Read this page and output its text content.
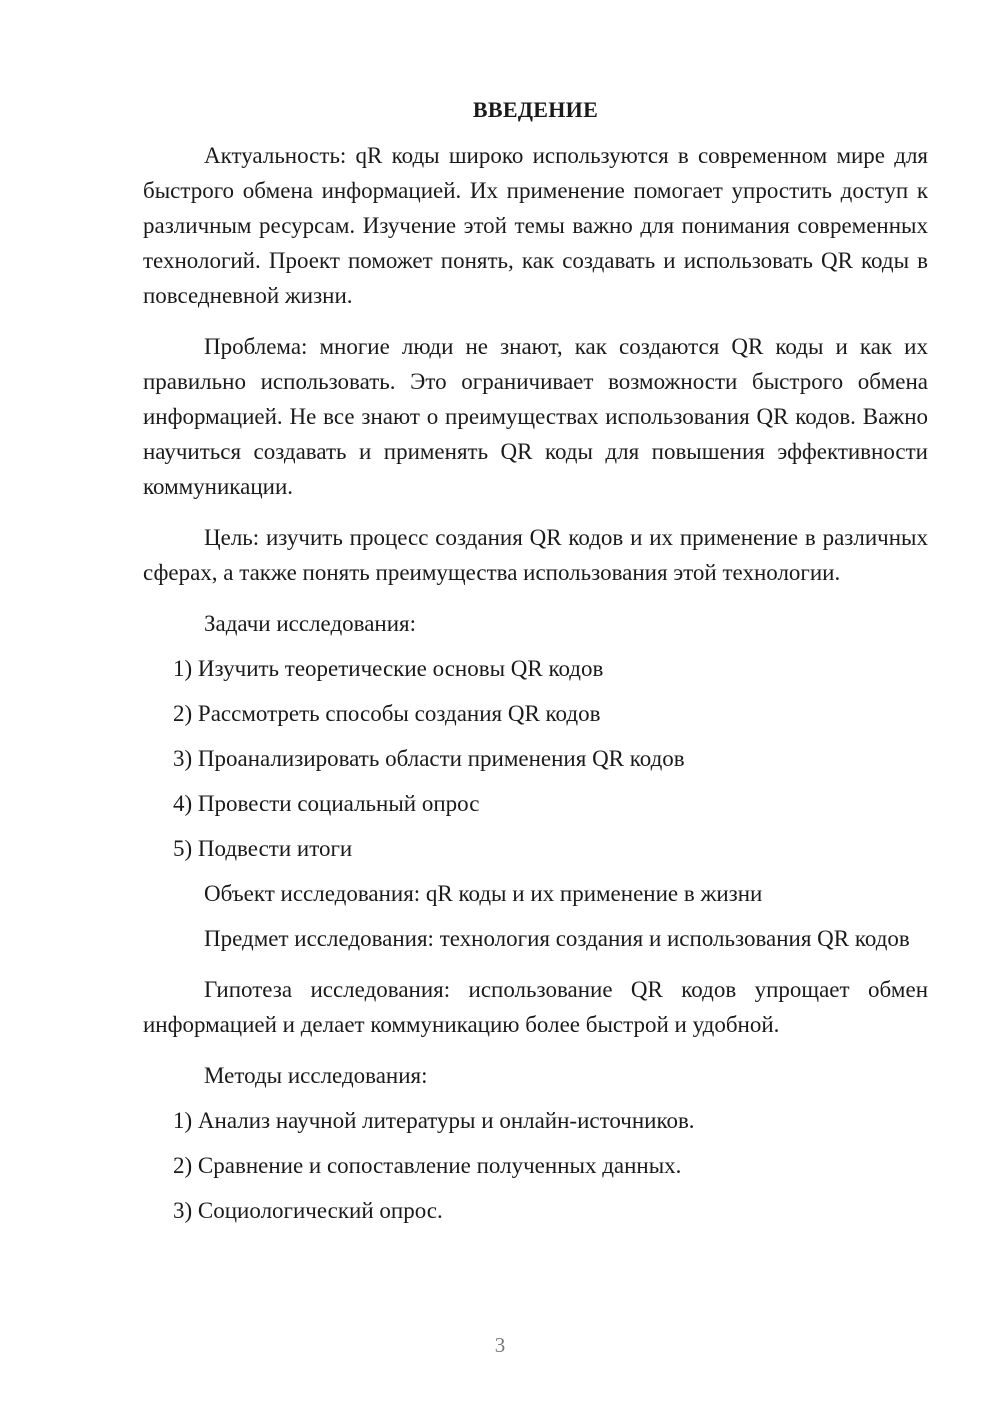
ВВЕДЕНИЕ

Актуальность: qR коды широко используются в современном мире для быстрого обмена информацией. Их применение помогает упростить доступ к различным ресурсам. Изучение этой темы важно для понимания современных технологий. Проект поможет понять, как создавать и использовать QR коды в повседневной жизни.

Проблема: многие люди не знают, как создаются QR коды и как их правильно использовать. Это ограничивает возможности быстрого обмена информацией. Не все знают о преимуществах использования QR кодов. Важно научиться создавать и применять QR коды для повышения эффективности коммуникации.

Цель: изучить процесс создания QR кодов и их применение в различных сферах, а также понять преимущества использования этой технологии.

Задачи исследования:
1) Изучить теоретические основы QR кодов
2) Рассмотреть способы создания QR кодов
3) Проанализировать области применения QR кодов
4) Провести социальный опрос
5) Подвести итоги
Объект исследования: qR коды и их применение в жизни

Предмет исследования: технология создания и использования QR кодов

Гипотеза исследования: использование QR кодов упрощает обмен информацией и делает коммуникацию более быстрой и удобной.

Методы исследования:
1) Анализ научной литературы и онлайн-источников.
2) Сравнение и сопоставление полученных данных.
3) Социологический опрос.
3
